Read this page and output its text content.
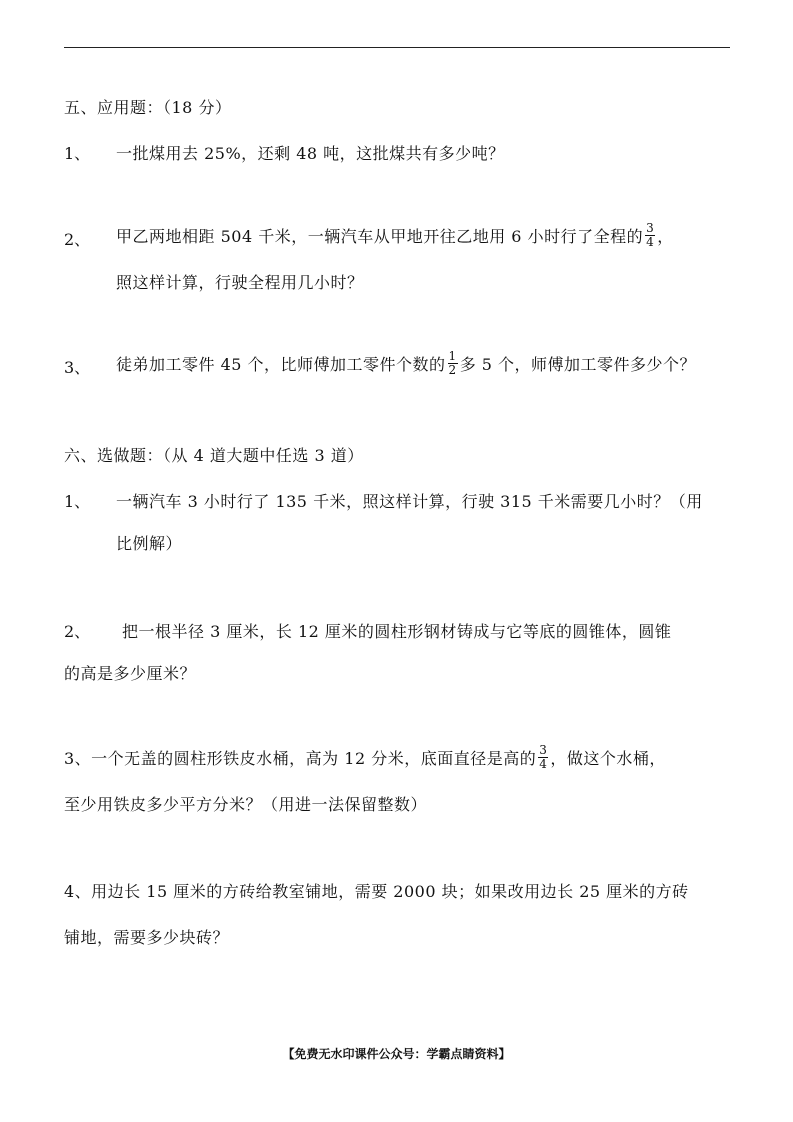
五、应用题：（18 分）
1、 一批煤用去 25%，还剩 48 吨，这批煤共有多少吨？
2、 甲乙两地相距 504 千米，一辆汽车从甲地开往乙地用 6 小时行了全程的 $\frac{3}{4}$ ，
照这样计算，行驶全程用几小时？
3、 徒弟加工零件 45 个，比师傅加工零件个数的 $\frac{1}{2}$ 多 5 个，师傅加工零件多少个？
六、选做题：（从 4 道大题中任选 3 道）
1、 一辆汽车 3 小时行了 135 千米，照这样计算，行驶 315 千米需要几小时？（用
比例解）
2、 把一根半径 3 厘米，长 12 厘米的圆柱形钢材铸成与它等底的圆锥体，圆锥
的高是多少厘米？
3、一个无盖的圆柱形铁皮水桶，高为 12 分米，底面直径是高的 $\frac{3}{4}$ ，做这个水桶，
至少用铁皮多少平方分米？（用进一法保留整数）
4、用边长 15 厘米的方砖给教室铺地，需要 2000 块；如果改用边长 25 厘米的方砖
铺地，需要多少块砖？
【免费无水印课件公众号：学霸点睛资料】
